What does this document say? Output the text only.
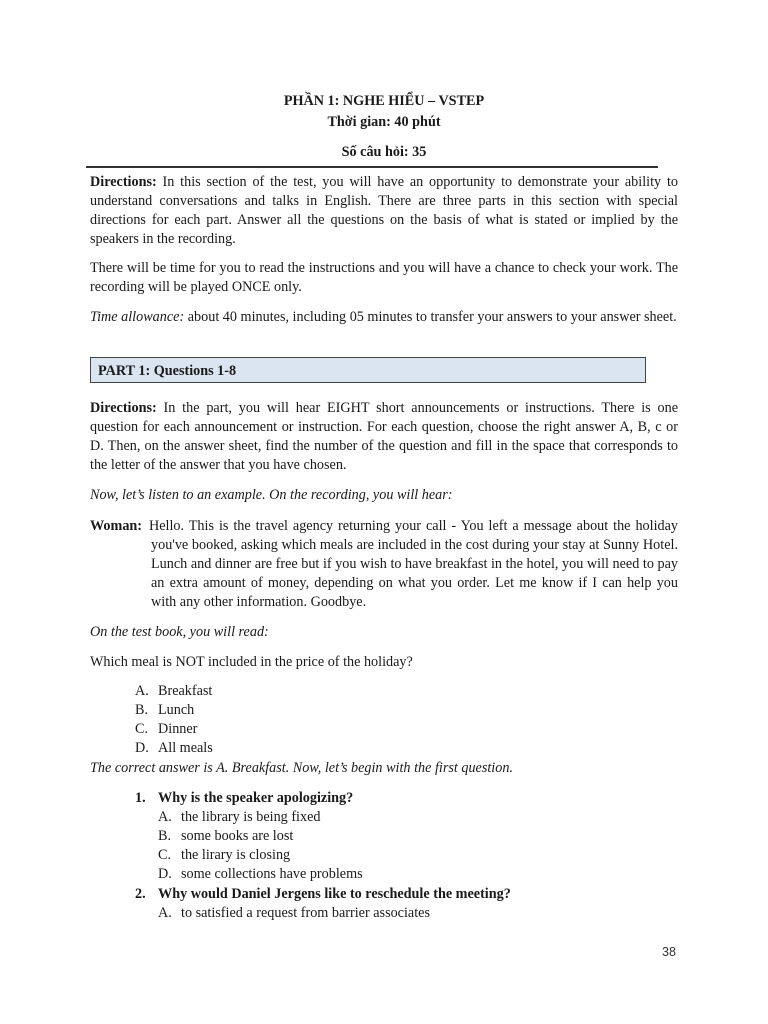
PHẦN 1: NGHE HIỂU – VSTEP
Thời gian: 40 phút
Số câu hỏi: 35
Directions: In this section of the test, you will have an opportunity to demonstrate your ability to understand conversations and talks in English. There are three parts in this section with special directions for each part. Answer all the questions on the basis of what is stated or implied by the speakers in the recording.
There will be time for you to read the instructions and you will have a chance to check your work. The recording will be played ONCE only.
Time allowance: about 40 minutes, including 05 minutes to transfer your answers to your answer sheet.
PART 1: Questions 1-8
Directions: In the part, you will hear EIGHT short announcements or instructions. There is one question for each announcement or instruction. For each question, choose the right answer A, B, c or D. Then, on the answer sheet, find the number of the question and fill in the space that corresponds to the letter of the answer that you have chosen.
Now, let’s listen to an example. On the recording, you will hear:
Woman: Hello. This is the travel agency returning your call - You left a message about the holiday you've booked, asking which meals are included in the cost during your stay at Sunny Hotel. Lunch and dinner are free but if you wish to have breakfast in the hotel, you will need to pay an extra amount of money, depending on what you order. Let me know if I can help you with any other information. Goodbye.
On the test book, you will read:
Which meal is NOT included in the price of the holiday?
A. Breakfast
B. Lunch
C. Dinner
D. All meals
The correct answer is A. Breakfast. Now, let’s begin with the first question.
1. Why is the speaker apologizing?
A. the library is being fixed
B. some books are lost
C. the lirary is closing
D. some collections have problems
2. Why would Daniel Jergens like to reschedule the meeting?
A. to satisfied a request from barrier associates
38
